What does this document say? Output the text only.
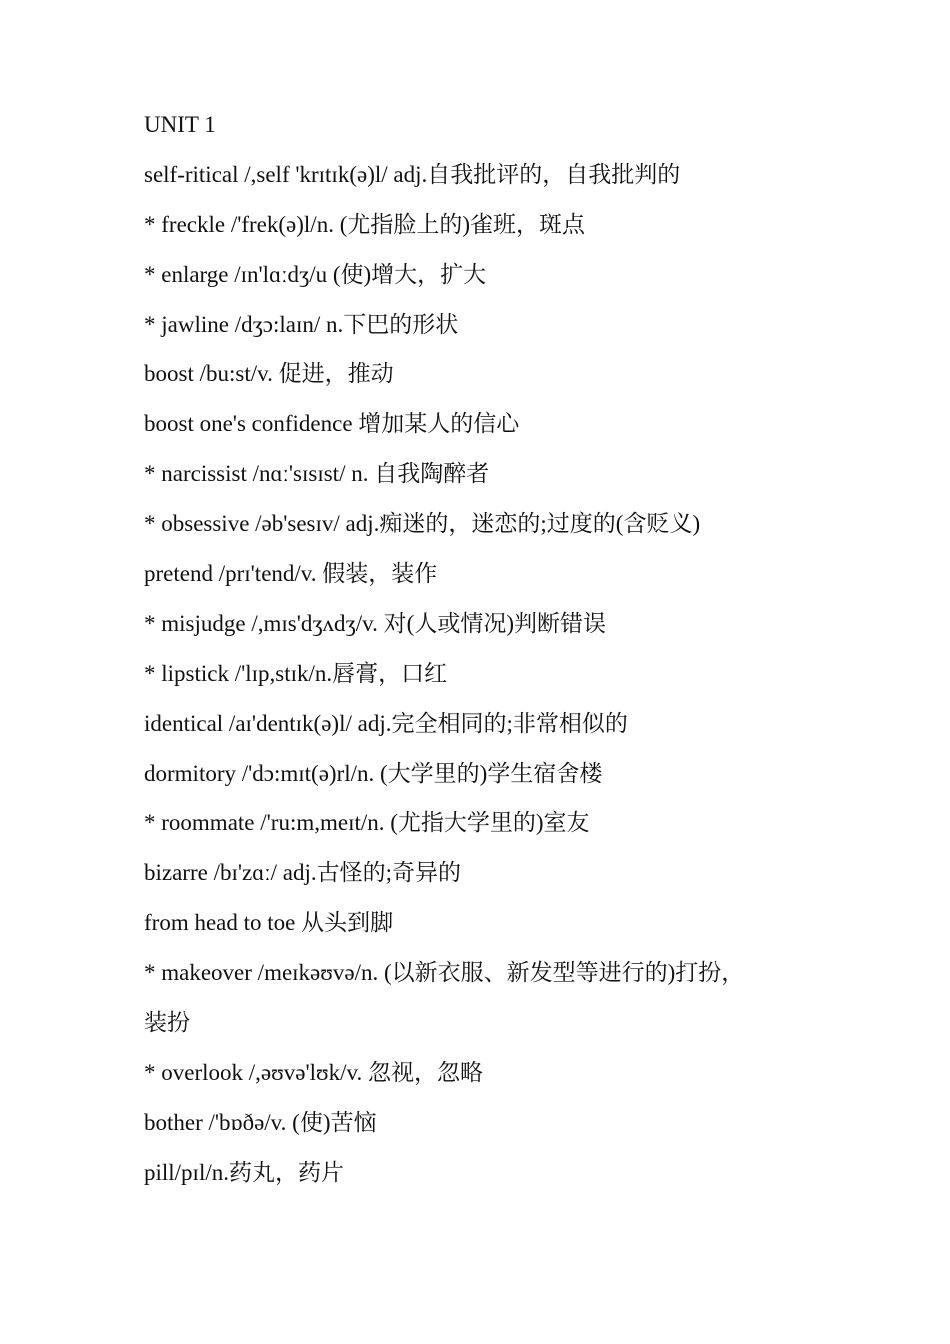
UNIT 1
self-ritical /,self 'krɪtɪk(ə)l/ adj.自我批评的，自我批判的
* freckle /'frek(ə)l/n. (尤指脸上的)雀班，斑点
* enlarge /ɪn'lɑːdʒ/u (使)增大，扩大
* jawline /dʒɔ:laɪn/ n.下巴的形状
boost /bu:st/v. 促进，推动
boost one's confidence 增加某人的信心
* narcissist /nɑː'sɪsɪst/ n. 自我陶醉者
* obsessive /əb'sesɪv/ adj.痴迷的，迷恋的;过度的(含贬义)
pretend /prɪ'tend/v. 假装，装作
* misjudge /,mɪs'dʒʌdʒ/v. 对(人或情况)判断错误
* lipstick /'lɪp,stɪk/n.唇膏，口红
identical /aɪ'dentɪk(ə)l/ adj.完全相同的;非常相似的
dormitory /'dɔ:mɪt(ə)rl/n. (大学里的)学生宿舍楼
* roommate /'ru:m,meɪt/n. (尤指大学里的)室友
bizarre /bɪ'zɑː/ adj.古怪的;奇异的
from head to toe 从头到脚
* makeover /meɪkəʊvə/n. (以新衣服、新发型等进行的)打扮，
装扮
* overlook /,əʊvə'lʊk/v. 忽视，忽略
bother /'bɒðə/v. (使)苦恼
pill/pɪl/n.药丸，药片
